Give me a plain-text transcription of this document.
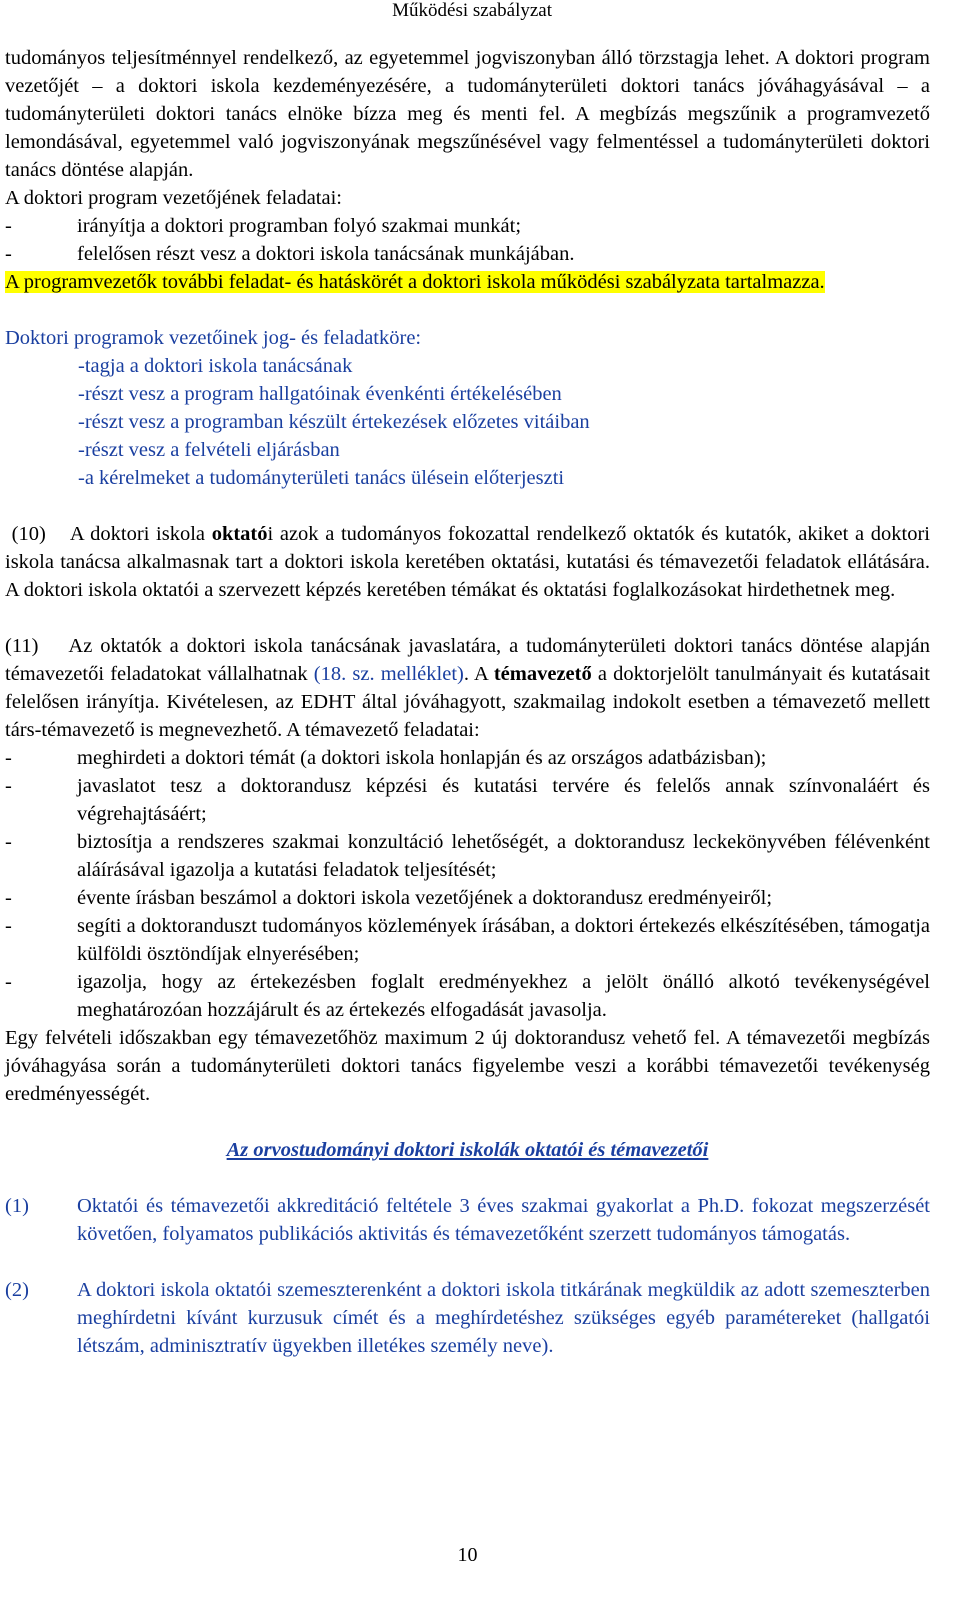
Működési szabályzat

tudományos teljesítménnyel rendelkező, az egyetemmel jogviszonyban álló törzstagja lehet. A doktori program vezetőjét – a doktori iskola kezdeményezésére, a tudományterületi doktori tanács jóváhagyásával – a tudományterületi doktori tanács elnöke bízza meg és menti fel. A megbízás megszűnik a programvezető lemondásával, egyetemmel való jogviszonyának megszűnésével vagy felmentéssel a tudományterületi doktori tanács döntése alapján.

A doktori program vezetőjének feladatai:

-	irányítja a doktori programban folyó szakmai munkát;
-	felelősen részt vesz a doktori iskola tanácsának munkájában.

A programvezetők további feladat- és hatáskörét a doktori iskola működési szabályzata tartalmazza.

Doktori programok vezetőinek jog- és feladatköre:
-tagja a doktori iskola tanácsának
-részt vesz a program hallgatóinak évenkénti értékelésében
-részt vesz a programban készült értekezések előzetes vitáiban
-részt vesz a felvételi eljárásban
-a kérelmeket a tudományterületi tanács ülésein előterjeszti

(10) A doktori iskola oktatói azok a tudományos fokozattal rendelkező oktatók és kutatók, akiket a doktori iskola tanácsa alkalmasnak tart a doktori iskola keretében oktatási, kutatási és témavezetői feladatok ellátására. A doktori iskola oktatói a szervezett képzés keretében témákat és oktatási foglalkozásokat hirdethetnek meg.

(11) Az oktatók a doktori iskola tanácsának javaslatára, a tudományterületi doktori tanács döntése alapján témavezetői feladatokat vállalhatnak (18. sz. melléklet). A témavezető a doktorjelölt tanulmányait és kutatásait felelősen irányítja. Kivételesen, az EDHT által jóváhagyott, szakmailag indokolt esetben a témavezető mellett társ-témavezető is megnevezhető. A témavezető feladatai:

-	meghirdeti a doktori témát (a doktori iskola honlapján és az országos adatbázisban);
-	javaslatot tesz a doktorandusz képzési és kutatási tervére és felelős annak színvonaláért és végrehajtásáért;
-	biztosítja a rendszeres szakmai konzultáció lehetőségét, a doktorandusz leckekönyvében félévenként aláírásával igazolja a kutatási feladatok teljesítését;
-	évente írásban beszámol a doktori iskola vezetőjének a doktorandusz eredményeiről;
-	segíti a doktoranduszt tudományos közlemények írásában, a doktori értekezés elkészítésében, támogatja külföldi ösztöndíjak elnyerésében;
-	igazolja, hogy az értekezésben foglalt eredményekhez a jelölt önálló alkotó tevékenységével meghatározóan hozzájárult és az értekezés elfogadását javasolja.

Egy felvételi időszakban egy témavezetőhöz maximum 2 új doktorandusz vehető fel. A témavezetői megbízás jóváhagyása során a tudományterületi doktori tanács figyelembe veszi a korábbi témavezetői tevékenység eredményességét.

Az orvostudományi doktori iskolák oktatói és témavezetői
(1)	Oktatói és témavezetői akkreditáció feltétele 3 éves szakmai gyakorlat a Ph.D. fokozat megszerzését követően, folyamatos publikációs aktivitás és témavezetőként szerzett tudományos támogatás.
(2)	A doktori iskola oktatói szemeszterenként a doktori iskola titkárának megküldik az adott szemeszterben meghírdetni kívánt kurzusuk címét és a meghírdetéshez szükséges egyéb paramétereket (hallgatói létszám, adminisztratív ügyekben illetékes személy neve).
10
